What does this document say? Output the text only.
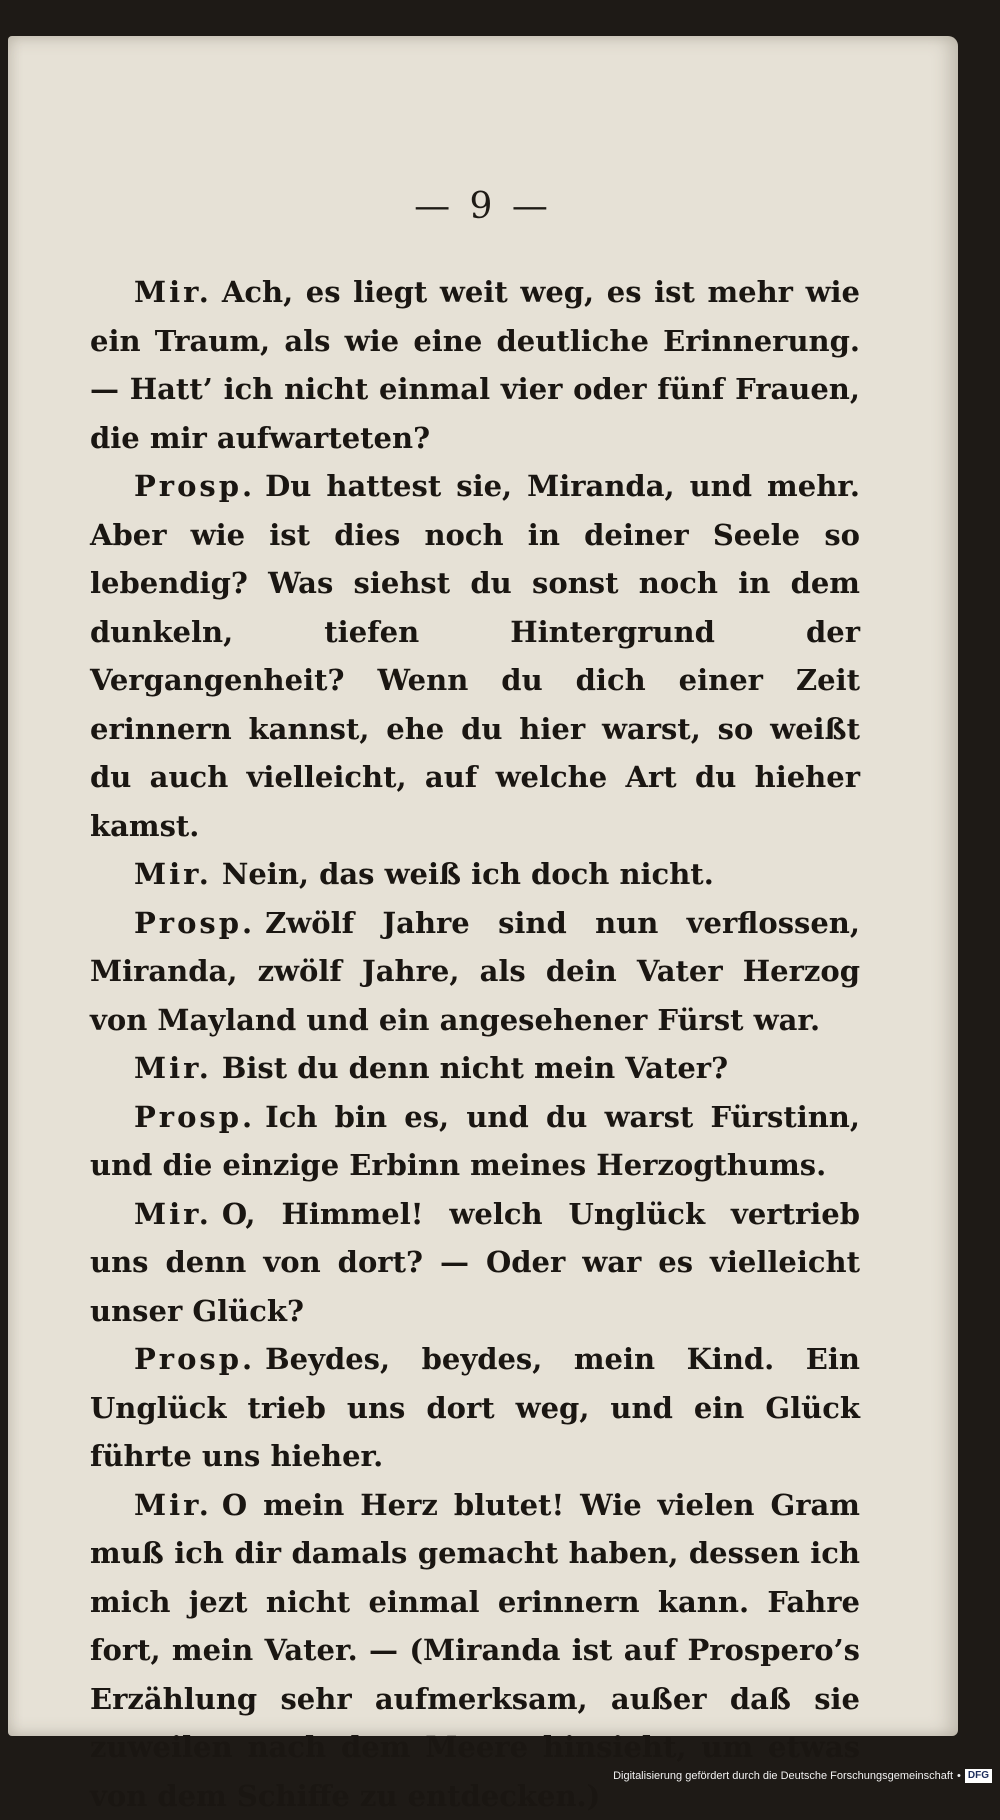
— 9 —

Mir. Ach, es liegt weit weg, es ist mehr wie ein Traum, als wie eine deutliche Erinnerung. — Hatt’ ich nicht einmal vier oder fünf Frauen, die mir aufwarteten?

Prosp. Du hattest sie, Miranda, und mehr. Aber wie ist dies noch in deiner Seele so lebendig? Was siehst du sonst noch in dem dunkeln, tiefen Hintergrund der Vergangenheit? Wenn du dich einer Zeit erinnern kannst, ehe du hier warst, so weißt du auch vielleicht, auf welche Art du hieher kamst.

Mir. Nein, das weiß ich doch nicht.

Prosp. Zwölf Jahre sind nun verflossen, Miranda, zwölf Jahre, als dein Vater Herzog von Mayland und ein angesehener Fürst war.

Mir. Bist du denn nicht mein Vater?

Prosp. Ich bin es, und du warst Fürstinn, und die einzige Erbinn meines Herzogthums.

Mir. O, Himmel! welch Unglück vertrieb uns denn von dort? — Oder war es vielleicht unser Glück?

Prosp. Beydes, beydes, mein Kind. Ein Unglück trieb uns dort weg, und ein Glück führte uns hieher.

Mir. O mein Herz blutet! Wie vielen Gram muß ich dir damals gemacht haben, dessen ich mich jezt nicht einmal erinnern kann. Fahre fort, mein Vater. — (Miranda ist auf Prospero’s Erzählung sehr aufmerksam, außer daß sie zuweilen nach dem Meere hinsieht, um etwas von dem Schiffe zu entdecken.)

Digitalisierung gefördert durch die Deutsche Forschungsgemeinschaft • DFG
